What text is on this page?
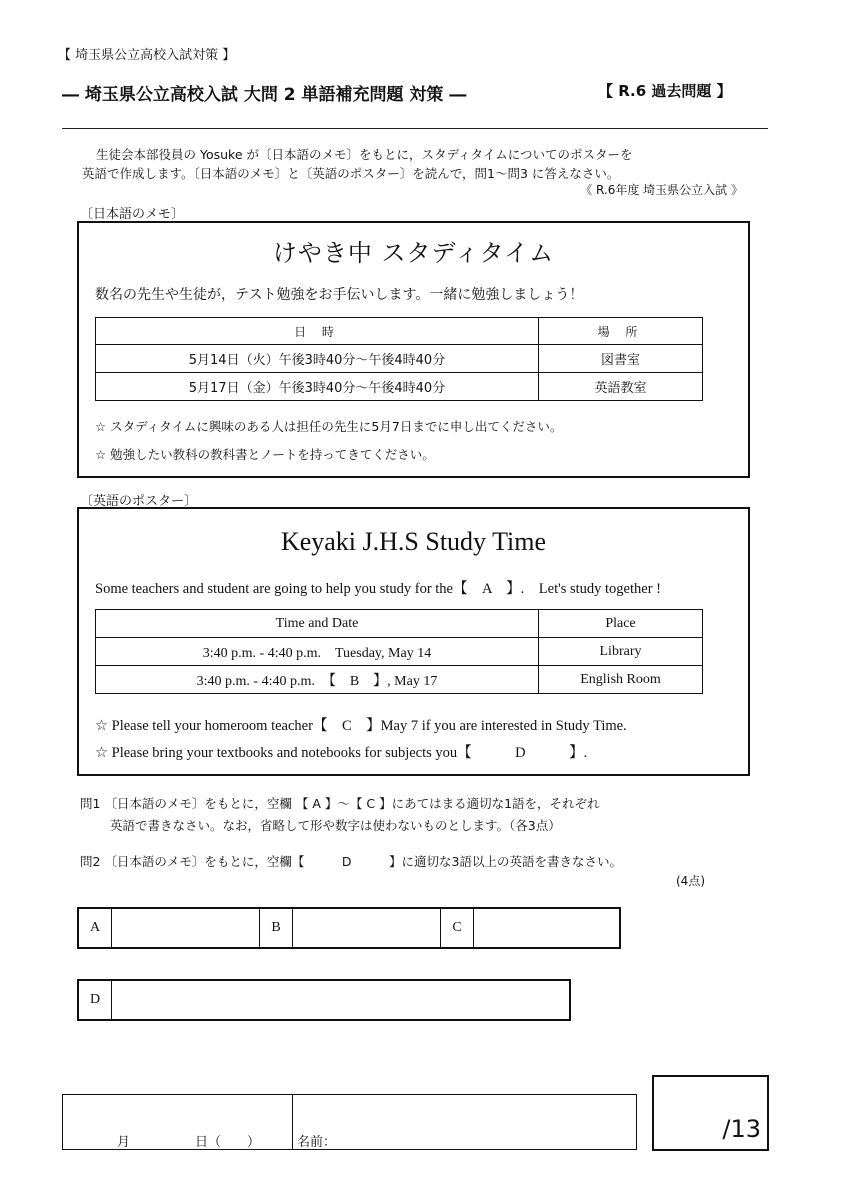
【 埼玉県公立高校入試対策 】
― 埼玉県公立高校入試 大問 2 単語補充問題 対策 ―	【 R.6 過去問題 】
生徒会本部役員の Yosuke が〔日本語のメモ〕をもとに，スタディタイムについてのポスターを
英語で作成します。〔日本語のメモ〕と〔英語のポスター〕を読んで，問1～問3 に答えなさい。
《 R.6年度 埼玉県公立入試 》
〔日本語のメモ〕
けやき中 スタディタイム
数名の先生や生徒が，テスト勉強をお手伝いします。一緒に勉強しましょう！
日 時	場 所
5月14日（火）午後3時40分～午後4時40分	図書室
5月17日（金）午後3時40分～午後4時40分	英語教室
☆ スタディタイムに興味のある人は担任の先生に5月7日までに申し出てください。
☆ 勉強したい教科の教科書とノートを持ってきてください。
〔英語のポスター〕
Keyaki J.H.S Study Time
Some teachers and student are going to help you study for the【　A　】.　Let's study together !
Time and Date	Place
3:40 p.m. - 4:40 p.m.　Tuesday, May 14	Library
3:40 p.m. - 4:40 p.m.　【　B　】, May 17	English Room
☆ Please tell your homeroom teacher【　C　】May 7 if you are interested in Study Time.
☆ Please bring your textbooks and notebooks for subjects you【　　　D　　　】.
問1 〔日本語のメモ〕をもとに，空欄 【 A 】～【 C 】にあてはまる適切な1語を，それぞれ
英語で書きなさい。なお，省略して形や数字は使わないものとします。（各3点）
問2 〔日本語のメモ〕をもとに，空欄【　　　D　　　】に適切な3語以上の英語を書きなさい。
(4点)
A	B	C
D
月	日（　　）	名前：	/13
